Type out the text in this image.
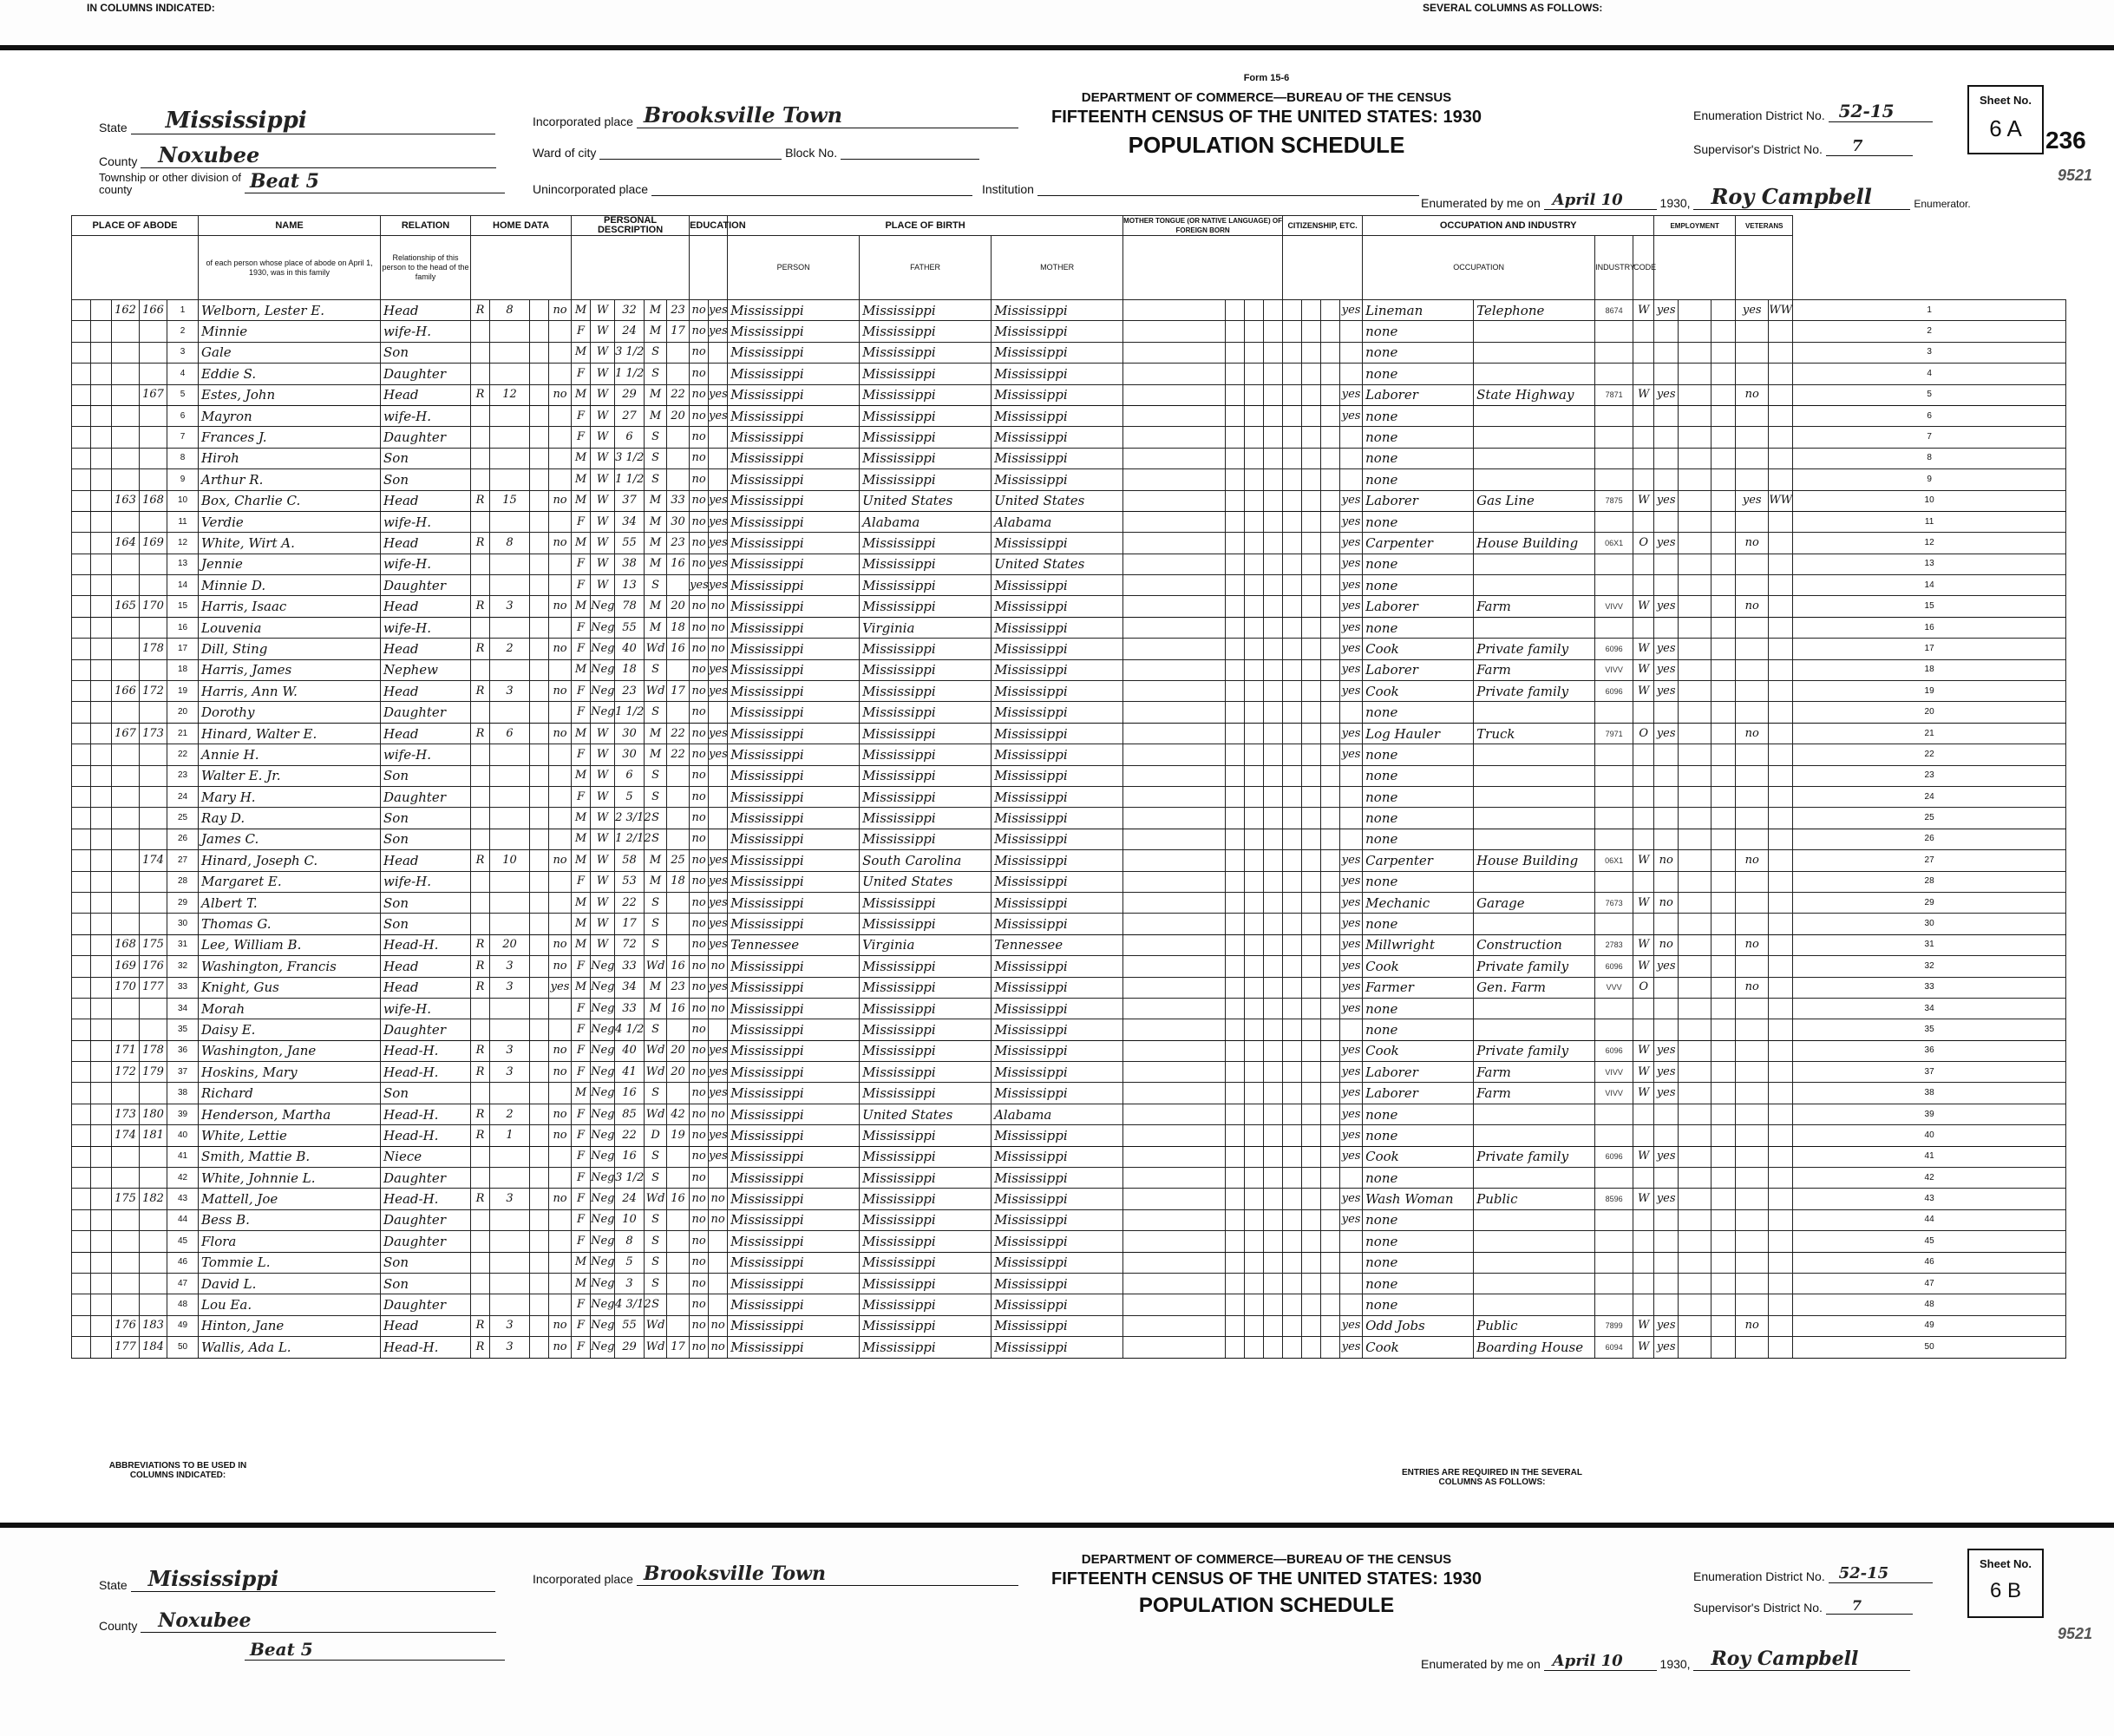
IN COLUMNS INDICATED:	SEVERAL COLUMNS AS FOLLOWS:
Form 15-6
DEPARTMENT OF COMMERCE—BUREAU OF THE CENSUS
FIFTEENTH CENSUS OF THE UNITED STATES: 1930
POPULATION SCHEDULE
State Mississippi
County Noxubee
Township or other division of county	Beat 5
Incorporated place Brooksville Town
Ward of city	Block No.
Unincorporated place	Institution
Enumeration District No. 52-15
Supervisor's District No. 7
Enumerated by me on April 10	1930, Roy Campbell	Enumerator.
Sheet No.
6 A 236
9521
PLACE OF ABODE					NAME	RELATION	HOME DATA				PERSONAL DESCRIPTION					EDUCATION		PLACE OF BIRTH			MOTHER TONGUE (OR NATIVE LANGUAGE) OF FOREIGN BORN				CITIZENSHIP, ETC.				OCCUPATION AND INDUSTRY				EMPLOYMENT			VETERANS		
					of each person whose place of abode on April 1, 1930, was in this family	Relationship of this person to the head of the family												PERSON	FATHER	MOTHER									OCCUPATION		INDUSTRY	CODE						
		162	166	1	Welborn, Lester E.	Head	R	8		no	M	W	32	M	23	no	yes	Mississippi	Mississippi	Mississippi								yes	Lineman	Telephone	8674	W	yes			yes	WW	1
				2	Minnie	wife-H.					F	W	24	M	17	no	yes	Mississippi	Mississippi	Mississippi									none									2
				3	Gale	Son					M	W	3 1/2	S		no		Mississippi	Mississippi	Mississippi									none									3
				4	Eddie S.	Daughter					F	W	1 1/2	S		no		Mississippi	Mississippi	Mississippi									none									4
			167	5	Estes, John	Head	R	12		no	M	W	29	M	22	no	yes	Mississippi	Mississippi	Mississippi								yes	Laborer	State Highway	7871	W	yes			no		5
				6	Mayron	wife-H.					F	W	27	M	20	no	yes	Mississippi	Mississippi	Mississippi								yes	none									6
				7	Frances J.	Daughter					F	W	6	S		no		Mississippi	Mississippi	Mississippi									none									7
				8	Hiroh	Son					M	W	3 1/2	S		no		Mississippi	Mississippi	Mississippi									none									8
				9	Arthur R.	Son					M	W	1 1/2	S		no		Mississippi	Mississippi	Mississippi									none									9
		163	168	10	Box, Charlie C.	Head	R	15		no	M	W	37	M	33	no	yes	Mississippi	United States	United States								yes	Laborer	Gas Line	7875	W	yes			yes	WW	10
				11	Verdie	wife-H.					F	W	34	M	30	no	yes	Mississippi	Alabama	Alabama								yes	none									11
		164	169	12	White, Wirt A.	Head	R	8		no	M	W	55	M	23	no	yes	Mississippi	Mississippi	Mississippi								yes	Carpenter	House Building	06X1	O	yes			no		12
				13	Jennie	wife-H.					F	W	38	M	16	no	yes	Mississippi	Mississippi	United States								yes	none									13
				14	Minnie D.	Daughter					F	W	13	S		yes	yes	Mississippi	Mississippi	Mississippi								yes	none									14
		165	170	15	Harris, Isaac	Head	R	3		no	M	Neg	78	M	20	no	no	Mississippi	Mississippi	Mississippi								yes	Laborer	Farm	VIVV	W	yes			no		15
				16	Louvenia	wife-H.					F	Neg	55	M	18	no	no	Mississippi	Virginia	Mississippi								yes	none									16
			178	17	Dill, Sting	Head	R	2		no	F	Neg	40	Wd	16	no	no	Mississippi	Mississippi	Mississippi								yes	Cook	Private family	6096	W	yes					17
				18	Harris, James	Nephew					M	Neg	18	S		no	yes	Mississippi	Mississippi	Mississippi								yes	Laborer	Farm	VIVV	W	yes					18
		166	172	19	Harris, Ann W.	Head	R	3		no	F	Neg	23	Wd	17	no	yes	Mississippi	Mississippi	Mississippi								yes	Cook	Private family	6096	W	yes					19
				20	Dorothy	Daughter					F	Neg	1 1/2	S		no		Mississippi	Mississippi	Mississippi									none									20
		167	173	21	Hinard, Walter E.	Head	R	6		no	M	W	30	M	22	no	yes	Mississippi	Mississippi	Mississippi								yes	Log Hauler	Truck	7971	O	yes			no		21
				22	Annie H.	wife-H.					F	W	30	M	22	no	yes	Mississippi	Mississippi	Mississippi								yes	none									22
				23	Walter E. Jr.	Son					M	W	6	S		no		Mississippi	Mississippi	Mississippi									none									23
				24	Mary H.	Daughter					F	W	5	S		no		Mississippi	Mississippi	Mississippi									none									24
				25	Ray D.	Son					M	W	2 3/12	S		no		Mississippi	Mississippi	Mississippi									none									25
				26	James C.	Son					M	W	1 2/12	S		no		Mississippi	Mississippi	Mississippi									none									26
			174	27	Hinard, Joseph C.	Head	R	10		no	M	W	58	M	25	no	yes	Mississippi	South Carolina	Mississippi								yes	Carpenter	House Building	06X1	W	no			no		27
				28	Margaret E.	wife-H.					F	W	53	M	18	no	yes	Mississippi	United States	Mississippi								yes	none									28
				29	Albert T.	Son					M	W	22	S		no	yes	Mississippi	Mississippi	Mississippi								yes	Mechanic	Garage	7673	W	no					29
				30	Thomas G.	Son					M	W	17	S		no	yes	Mississippi	Mississippi	Mississippi								yes	none									30
		168	175	31	Lee, William B.	Head-H.	R	20		no	M	W	72	S		no	yes	Tennessee	Virginia	Tennessee								yes	Millwright	Construction	2783	W	no			no		31
		169	176	32	Washington, Francis	Head	R	3		no	F	Neg	33	Wd	16	no	no	Mississippi	Mississippi	Mississippi								yes	Cook	Private family	6096	W	yes					32
		170	177	33	Knight, Gus	Head	R	3		yes	M	Neg	34	M	23	no	yes	Mississippi	Mississippi	Mississippi								yes	Farmer	Gen. Farm	VVV	O				no		33
				34	Morah	wife-H.					F	Neg	33	M	16	no	no	Mississippi	Mississippi	Mississippi								yes	none									34
				35	Daisy E.	Daughter					F	Neg	4 1/2	S		no		Mississippi	Mississippi	Mississippi									none									35
		171	178	36	Washington, Jane	Head-H.	R	3		no	F	Neg	40	Wd	20	no	yes	Mississippi	Mississippi	Mississippi								yes	Cook	Private family	6096	W	yes					36
		172	179	37	Hoskins, Mary	Head-H.	R	3		no	F	Neg	41	Wd	20	no	yes	Mississippi	Mississippi	Mississippi								yes	Laborer	Farm	VIVV	W	yes					37
				38	Richard	Son					M	Neg	16	S		no	yes	Mississippi	Mississippi	Mississippi								yes	Laborer	Farm	VIVV	W	yes					38
		173	180	39	Henderson, Martha	Head-H.	R	2		no	F	Neg	85	Wd	42	no	no	Mississippi	United States	Alabama								yes	none									39
		174	181	40	White, Lettie	Head-H.	R	1		no	F	Neg	22	D	19	no	yes	Mississippi	Mississippi	Mississippi								yes	none									40
				41	Smith, Mattie B.	Niece					F	Neg	16	S		no	yes	Mississippi	Mississippi	Mississippi								yes	Cook	Private family	6096	W	yes					41
				42	White, Johnnie L.	Daughter					F	Neg	3 1/2	S		no		Mississippi	Mississippi	Mississippi									none									42
		175	182	43	Mattell, Joe	Head-H.	R	3		no	F	Neg	24	Wd	16	no	no	Mississippi	Mississippi	Mississippi								yes	Wash Woman	Public	8596	W	yes					43
				44	Bess B.	Daughter					F	Neg	10	S		no	no	Mississippi	Mississippi	Mississippi								yes	none									44
				45	Flora	Daughter					F	Neg	8	S		no		Mississippi	Mississippi	Mississippi									none									45
				46	Tommie L.	Son					M	Neg	5	S		no		Mississippi	Mississippi	Mississippi									none									46
				47	David L.	Son					M	Neg	3	S		no		Mississippi	Mississippi	Mississippi									none									47
				48	Lou Ea.	Daughter					F	Neg	4 3/12	S		no		Mississippi	Mississippi	Mississippi									none									48
		176	183	49	Hinton, Jane	Head	R	3		no	F	Neg	55	Wd		no	no	Mississippi	Mississippi	Mississippi								yes	Odd Jobs	Public	7899	W	yes			no		49
		177	184	50	Wallis, Ada L.	Head-H.	R	3		no	F	Neg	29	Wd	17	no	no	Mississippi	Mississippi	Mississippi								yes	Cook	Boarding House	6094	W	yes					50
ABBREVIATIONS TO BE USED IN COLUMNS INDICATED:	ENTRIES ARE REQUIRED IN THE SEVERAL COLUMNS AS FOLLOWS:
DEPARTMENT OF COMMERCE—BUREAU OF THE CENSUS
FIFTEENTH CENSUS OF THE UNITED STATES: 1930
POPULATION SCHEDULE
State Mississippi
County Noxubee
Beat 5
Incorporated place Brooksville Town	Enumeration District No. 52-15
Supervisor's District No. 7
Enumerated by me on April 10	1930, Roy Campbell
Sheet No.
6 B
9521
